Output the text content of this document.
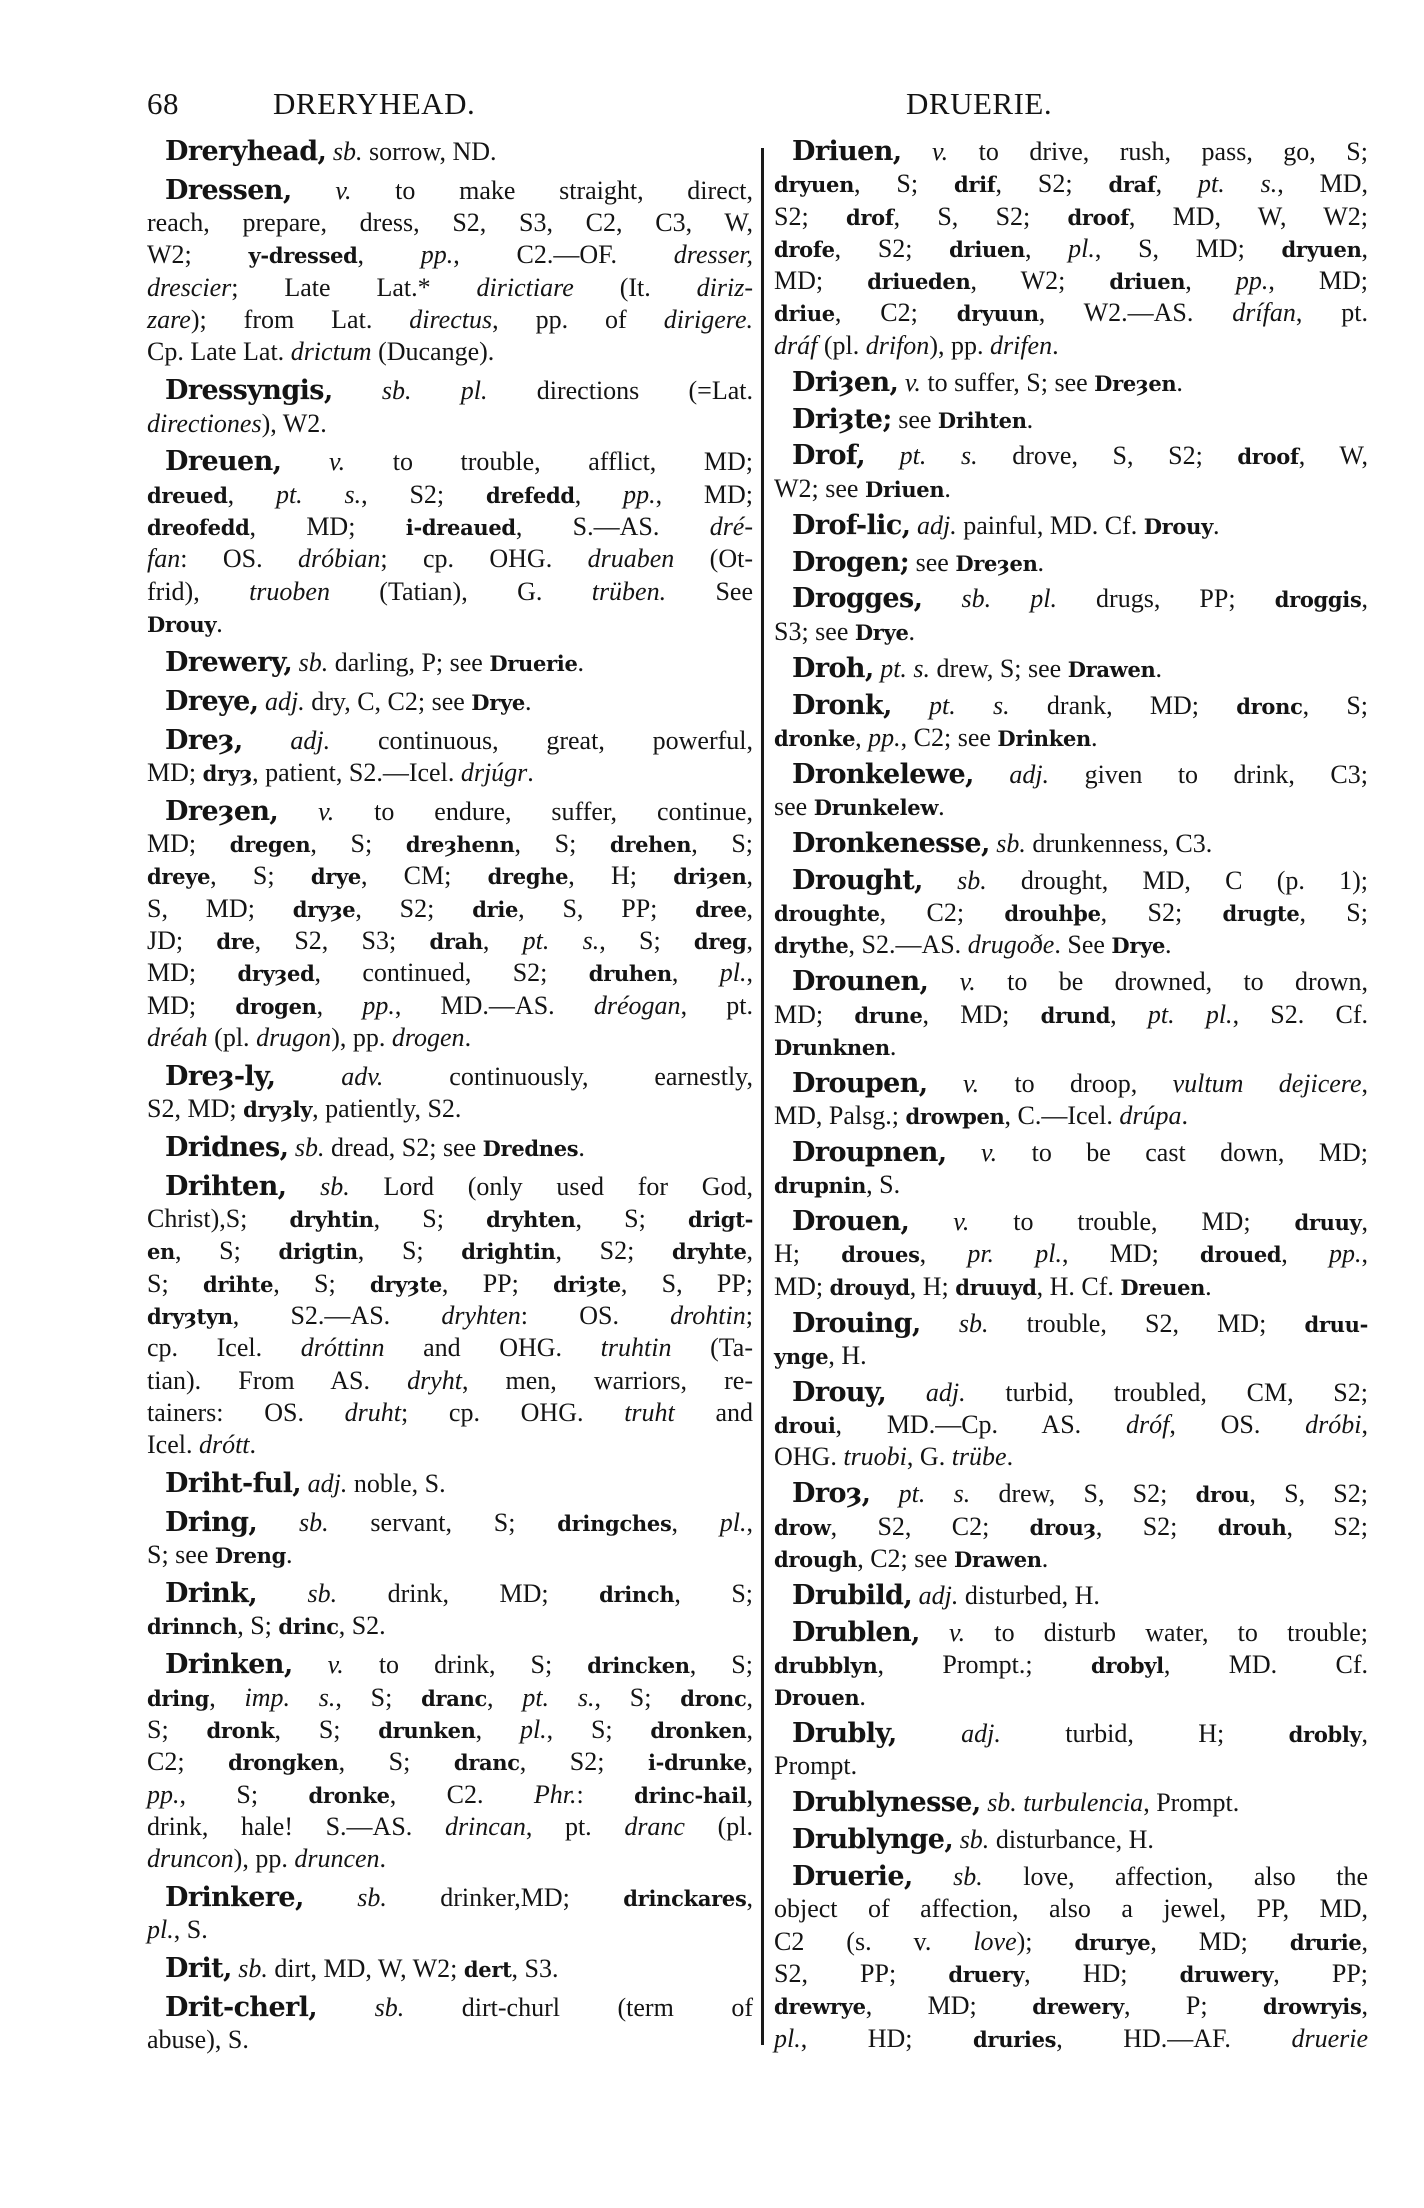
68	DRERYHEAD.	DRUERIE.
Dreryhead, sb. sorrow, ND.
Dressen, v. to make straight, direct,
reach, prepare, dress, S2, S3, C2, C3, W,
W2; y-dressed, pp., C2.—OF. dresser,
drescier; Late Lat.* dirictiare (It. diriz-
zare); from Lat. directus, pp. of dirigere.
Cp. Late Lat. drictum (Ducange).
Dressyngis, sb. pl. directions (=Lat.
directiones), W2.
Dreuen, v. to trouble, afflict, MD;
dreued, pt. s., S2; drefedd, pp., MD;
dreofedd, MD; i-dreaued, S.—AS. dré-
fan: OS. dróbian; cp. OHG. druaben (Ot-
frid), truoben (Tatian), G. trüben. See
Drouy.
Drewery, sb. darling, P; see Druerie.
Dreye, adj. dry, C, C2; see Drye.
Dreȝ, adj. continuous, great, powerful,
MD; dryȝ, patient, S2.—Icel. drjúgr.
Dreȝen, v. to endure, suffer, continue,
MD; dregen, S; dreȝhenn, S; drehen, S;
dreye, S; drye, CM; dreghe, H; driȝen,
S, MD; dryȝe, S2; drie, S, PP; dree,
JD; dre, S2, S3; drah, pt. s., S; dreg,
MD; dryȝed, continued, S2; druhen, pl.,
MD; drogen, pp., MD.—AS. dréogan, pt.
dréah (pl. drugon), pp. drogen.
Dreȝ-ly, adv. continuously, earnestly,
S2, MD; dryȝly, patiently, S2.
Dridnes, sb. dread, S2; see Drednes.
Drihten, sb. Lord (only used for God,
Christ),S; dryhtin, S; dryhten, S; drigt-
en, S; drigtin, S; drightin, S2; dryhte,
S; drihte, S; dryȝte, PP; driȝte, S, PP;
dryȝtyn, S2.—AS. dryhten: OS. drohtin;
cp. Icel. dróttinn and OHG. truhtin (Ta-
tian). From AS. dryht, men, warriors, re-
tainers: OS. druht; cp. OHG. truht and
Icel. drótt.
Driht-ful, adj. noble, S.
Dring, sb. servant, S; dringches, pl.,
S; see Dreng.
Drink, sb. drink, MD; drinch, S;
drinnch, S; drinc, S2.
Drinken, v. to drink, S; drincken, S;
dring, imp. s., S; dranc, pt. s., S; dronc,
S; dronk, S; drunken, pl., S; dronken,
C2; drongken, S; dranc, S2; i-drunke,
pp., S; dronke, C2. Phr.: drinc-hail,
drink, hale! S.—AS. drincan, pt. dranc (pl.
druncon), pp. druncen.
Drinkere, sb. drinker,MD; drinckares,
pl., S.
Drit, sb. dirt, MD, W, W2; dert, S3.
Drit-cherl, sb. dirt-churl (term of
abuse), S.
Driuen, v. to drive, rush, pass, go, S;
dryuen, S; drif, S2; draf, pt. s., MD,
S2; drof, S, S2; droof, MD, W, W2;
drofe, S2; driuen, pl., S, MD; dryuen,
MD; driueden, W2; driuen, pp., MD;
driue, C2; dryuun, W2.—AS. drífan, pt.
dráf (pl. drifon), pp. drifen.
Driȝen, v. to suffer, S; see Dreȝen.
Driȝte; see Drihten.
Drof, pt. s. drove, S, S2; droof, W,
W2; see Driuen.
Drof-lic, adj. painful, MD. Cf. Drouy.
Drogen; see Dreȝen.
Drogges, sb. pl. drugs, PP; droggis,
S3; see Drye.
Droh, pt. s. drew, S; see Drawen.
Dronk, pt. s. drank, MD; dronc, S;
dronke, pp., C2; see Drinken.
Dronkelewe, adj. given to drink, C3;
see Drunkelew.
Dronkenesse, sb. drunkenness, C3.
Drought, sb. drought, MD, C (p. 1);
droughte, C2; drouhþe, S2; drugte, S;
drythe, S2.—AS. drugoðe. See Drye.
Drounen, v. to be drowned, to drown,
MD; drune, MD; drund, pt. pl., S2. Cf.
Drunknen.
Droupen, v. to droop, vultum dejicere,
MD, Palsg.; drowpen, C.—Icel. drúpa.
Droupnen, v. to be cast down, MD;
drupnin, S.
Drouen, v. to trouble, MD; druuy,
H; droues, pr. pl., MD; droued, pp.,
MD; drouyd, H; druuyd, H. Cf. Dreuen.
Drouing, sb. trouble, S2, MD; druu-
ynge, H.
Drouy, adj. turbid, troubled, CM, S2;
droui, MD.—Cp. AS. dróf, OS. dróbi,
OHG. truobi, G. trübe.
Droȝ, pt. s. drew, S, S2; drou, S, S2;
drow, S2, C2; drouȝ, S2; drouh, S2;
drough, C2; see Drawen.
Drubild, adj. disturbed, H.
Drublen, v. to disturb water, to trouble;
drubblyn, Prompt.; drobyl, MD. Cf.
Drouen.
Drubly, adj. turbid, H; drobly,
Prompt.
Drublynesse, sb. turbulencia, Prompt.
Drublynge, sb. disturbance, H.
Druerie, sb. love, affection, also the
object of affection, also a jewel, PP, MD,
C2 (s. v. love); drurye, MD; drurie,
S2, PP; druery, HD; druwery, PP;
drewrye, MD; drewery, P; drowryis,
pl., HD; druries, HD.—AF. druerie
